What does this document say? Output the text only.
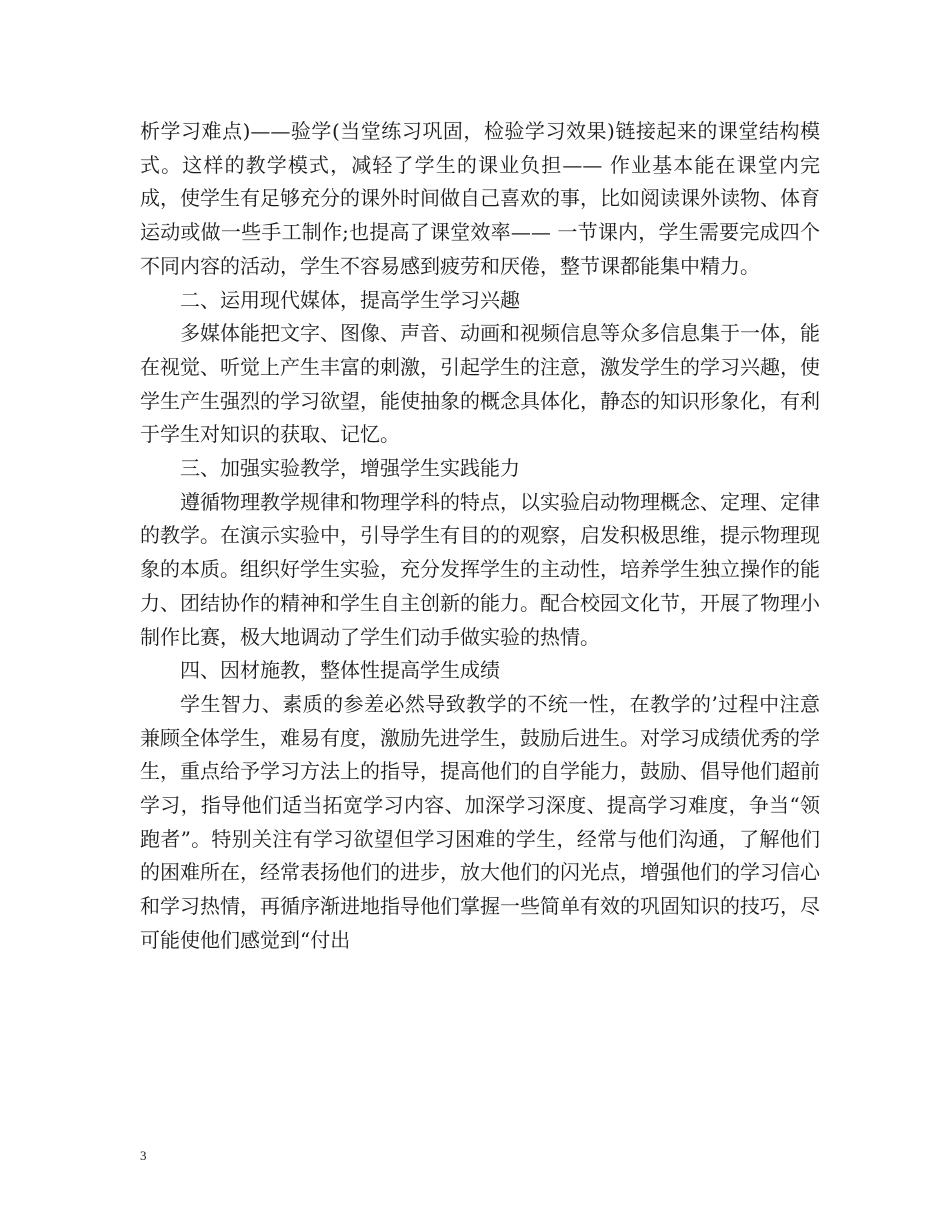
析学习难点)——验学(当堂练习巩固，检验学习效果)链接起来的课堂结构模式。这样的教学模式，减轻了学生的课业负担—— 作业基本能在课堂内完成，使学生有足够充分的课外时间做自己喜欢的事，比如阅读课外读物、体育运动或做一些手工制作;也提高了课堂效率—— 一节课内，学生需要完成四个不同内容的活动，学生不容易感到疲劳和厌倦，整节课都能集中精力。

二、运用现代媒体，提高学生学习兴趣

多媒体能把文字、图像、声音、动画和视频信息等众多信息集于一体，能在视觉、听觉上产生丰富的刺激，引起学生的注意，激发学生的学习兴趣，使学生产生强烈的学习欲望，能使抽象的概念具体化，静态的知识形象化，有利于学生对知识的获取、记忆。

三、加强实验教学，增强学生实践能力

遵循物理教学规律和物理学科的特点，以实验启动物理概念、定理、定律的教学。在演示实验中，引导学生有目的的观察，启发积极思维，提示物理现象的本质。组织好学生实验，充分发挥学生的主动性，培养学生独立操作的能力、团结协作的精神和学生自主创新的能力。配合校园文化节，开展了物理小制作比赛，极大地调动了学生们动手做实验的热情。

四、因材施教，整体性提高学生成绩

学生智力、素质的参差必然导致教学的不统一性，在教学的’过程中注意兼顾全体学生，难易有度，激励先进学生，鼓励后进生。对学习成绩优秀的学生，重点给予学习方法上的指导，提高他们的自学能力，鼓励、倡导他们超前学习，指导他们适当拓宽学习内容、加深学习深度、提高学习难度，争当“领跑者”。特别关注有学习欲望但学习困难的学生，经常与他们沟通，了解他们的困难所在，经常表扬他们的进步，放大他们的闪光点，增强他们的学习信心和学习热情，再循序渐进地指导他们掌握一些简单有效的巩固知识的技巧，尽可能使他们感觉到“付出

3
